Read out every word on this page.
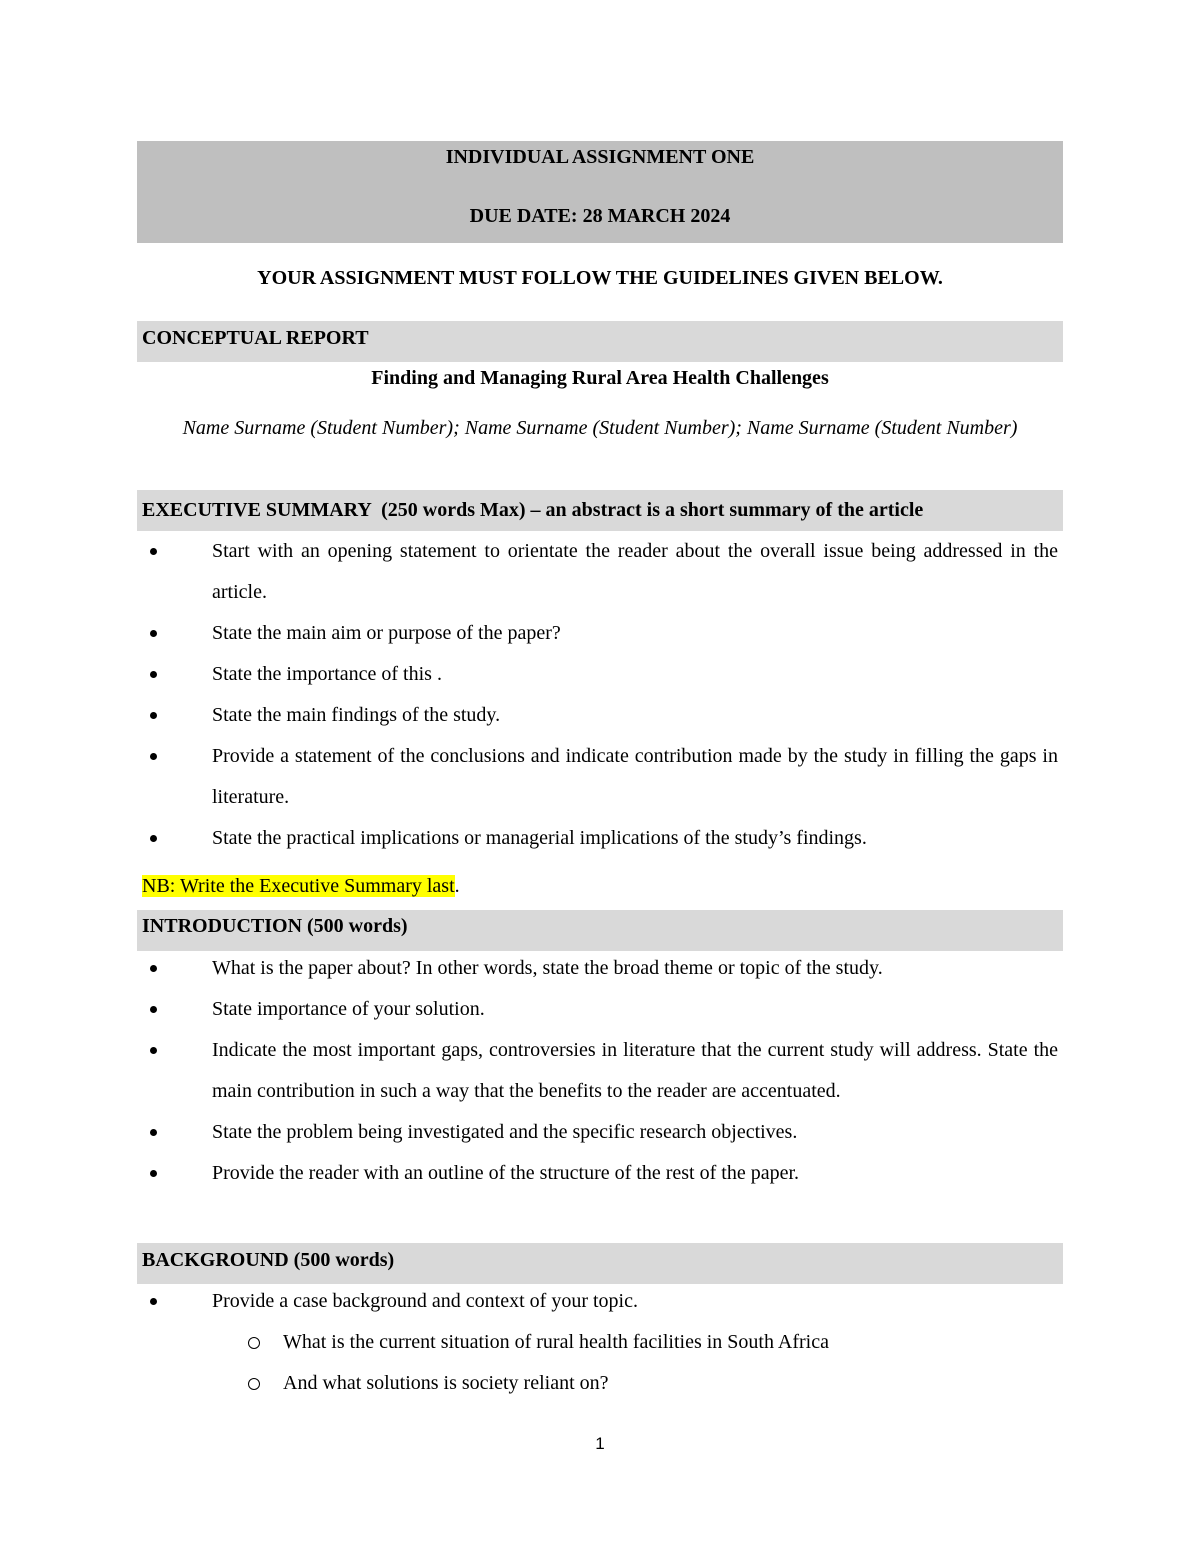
INDIVIDUAL ASSIGNMENT ONE
DUE DATE: 28 MARCH 2024
YOUR ASSIGNMENT MUST FOLLOW THE GUIDELINES GIVEN BELOW.
CONCEPTUAL REPORT
Finding and Managing Rural Area Health Challenges
Name Surname (Student Number); Name Surname (Student Number); Name Surname (Student Number)
EXECUTIVE SUMMARY  (250 words Max) – an abstract is a short summary of the article
Start with an opening statement to orientate the reader about the overall issue being addressed in the article.
State the main aim or purpose of the paper?
State the importance of this .
State the main findings of the study.
Provide a statement of the conclusions and indicate contribution made by the study in filling the gaps in literature.
State the practical implications or managerial implications of the study’s findings.
NB: Write the Executive Summary last.
INTRODUCTION (500 words)
What is the paper about? In other words, state the broad theme or topic of the study.
State importance of your solution.
Indicate the most important gaps, controversies in literature that the current study will address. State the main contribution in such a way that the benefits to the reader are accentuated.
State the problem being investigated and the specific research objectives.
Provide the reader with an outline of the structure of the rest of the paper.
BACKGROUND (500 words)
Provide a case background and context of your topic.
What is the current situation of rural health facilities in South Africa
And what solutions is society reliant on?
1
